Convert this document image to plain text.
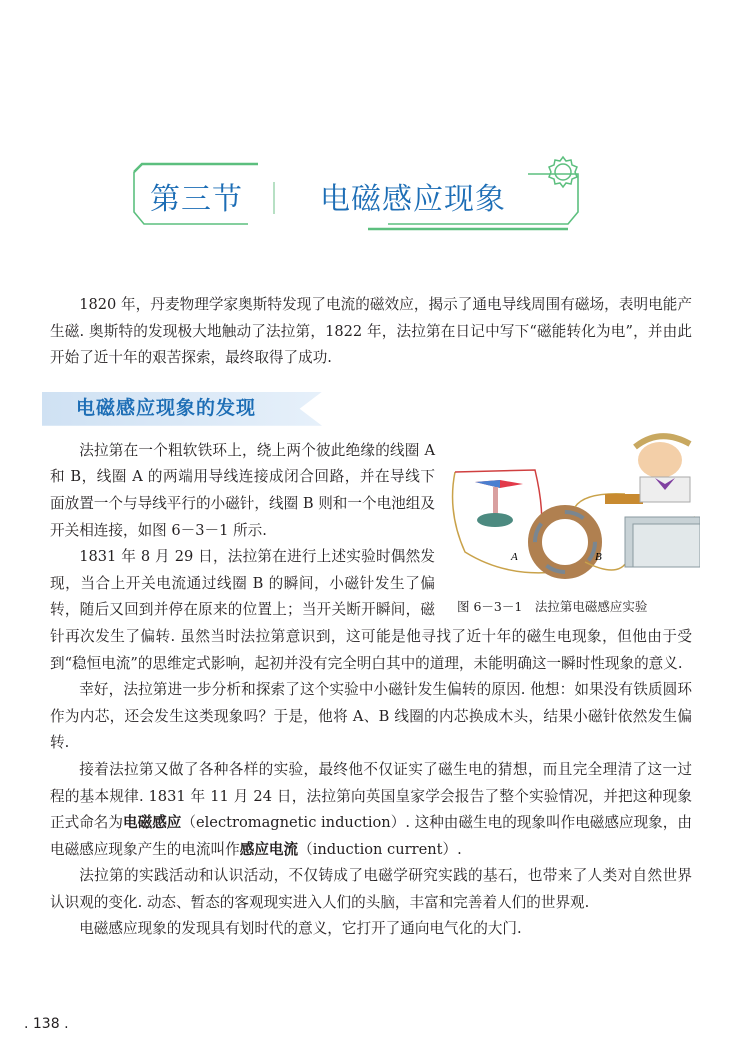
第三节	电磁感应现象

1820 年，丹麦物理学家奥斯特发现了电流的磁效应，揭示了通电导线周围有磁场，表明电能产生磁. 奥斯特的发现极大地触动了法拉第，1822 年，法拉第在日记中写下“磁能转化为电”，并由此开始了近十年的艰苦探索，最终取得了成功.

电磁感应现象的发现
A	B
图 6－3－1　法拉第电磁感应实验

法拉第在一个粗软铁环上，绕上两个彼此绝缘的线圈 A 和 B，线圈 A 的两端用导线连接成闭合回路，并在导线下面放置一个与导线平行的小磁针，线圈 B 则和一个电池组及开关相连接，如图 6－3－1 所示.

1831 年 8 月 29 日，法拉第在进行上述实验时偶然发现，当合上开关电流通过线圈 B 的瞬间，小磁针发生了偏转，随后又回到并停在原来的位置上；当开关断开瞬间，磁针再次发生了偏转. 虽然当时法拉第意识到，这可能是他寻找了近十年的磁生电现象，但他由于受到“稳恒电流”的思维定式影响，起初并没有完全明白其中的道理，未能明确这一瞬时性现象的意义.

幸好，法拉第进一步分析和探索了这个实验中小磁针发生偏转的原因. 他想：如果没有铁质圆环作为内芯，还会发生这类现象吗？于是，他将 A、B 线圈的内芯换成木头，结果小磁针依然发生偏转.

接着法拉第又做了各种各样的实验，最终他不仅证实了磁生电的猜想，而且完全理清了这一过程的基本规律. 1831 年 11 月 24 日，法拉第向英国皇家学会报告了整个实验情况，并把这种现象正式命名为电磁感应（electromagnetic induction）. 这种由磁生电的现象叫作电磁感应现象，由电磁感应现象产生的电流叫作感应电流（induction current）.

法拉第的实践活动和认识活动，不仅铸成了电磁学研究实践的基石，也带来了人类对自然世界认识观的变化. 动态、暂态的客观现实进入人们的头脑，丰富和完善着人们的世界观.

电磁感应现象的发现具有划时代的意义，它打开了通向电气化的大门.

. 138 .
